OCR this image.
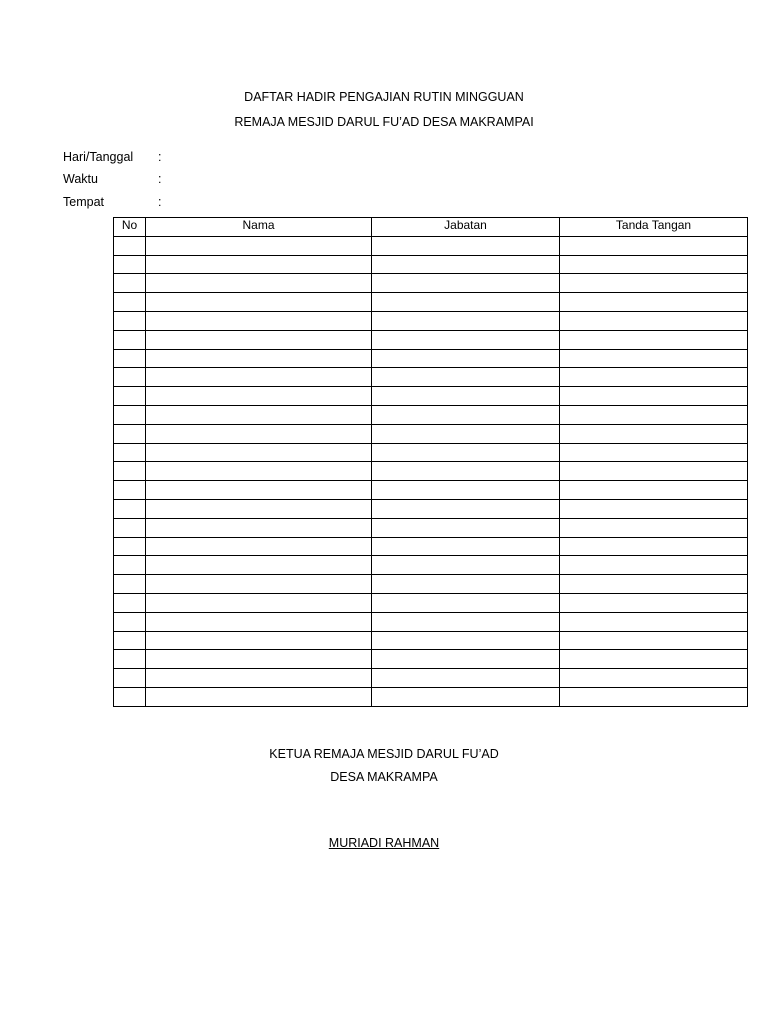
DAFTAR HADIR PENGAJIAN RUTIN MINGGUAN
REMAJA MESJID DARUL FU’AD DESA MAKRAMPAI
Hari/Tanggal :
Waktu	:
Tempat	:
No	Nama	Jabatan	Tanda Tangan

KETUA REMAJA MESJID DARUL FU’AD
DESA MAKRAMPA
MURIADI RAHMAN
